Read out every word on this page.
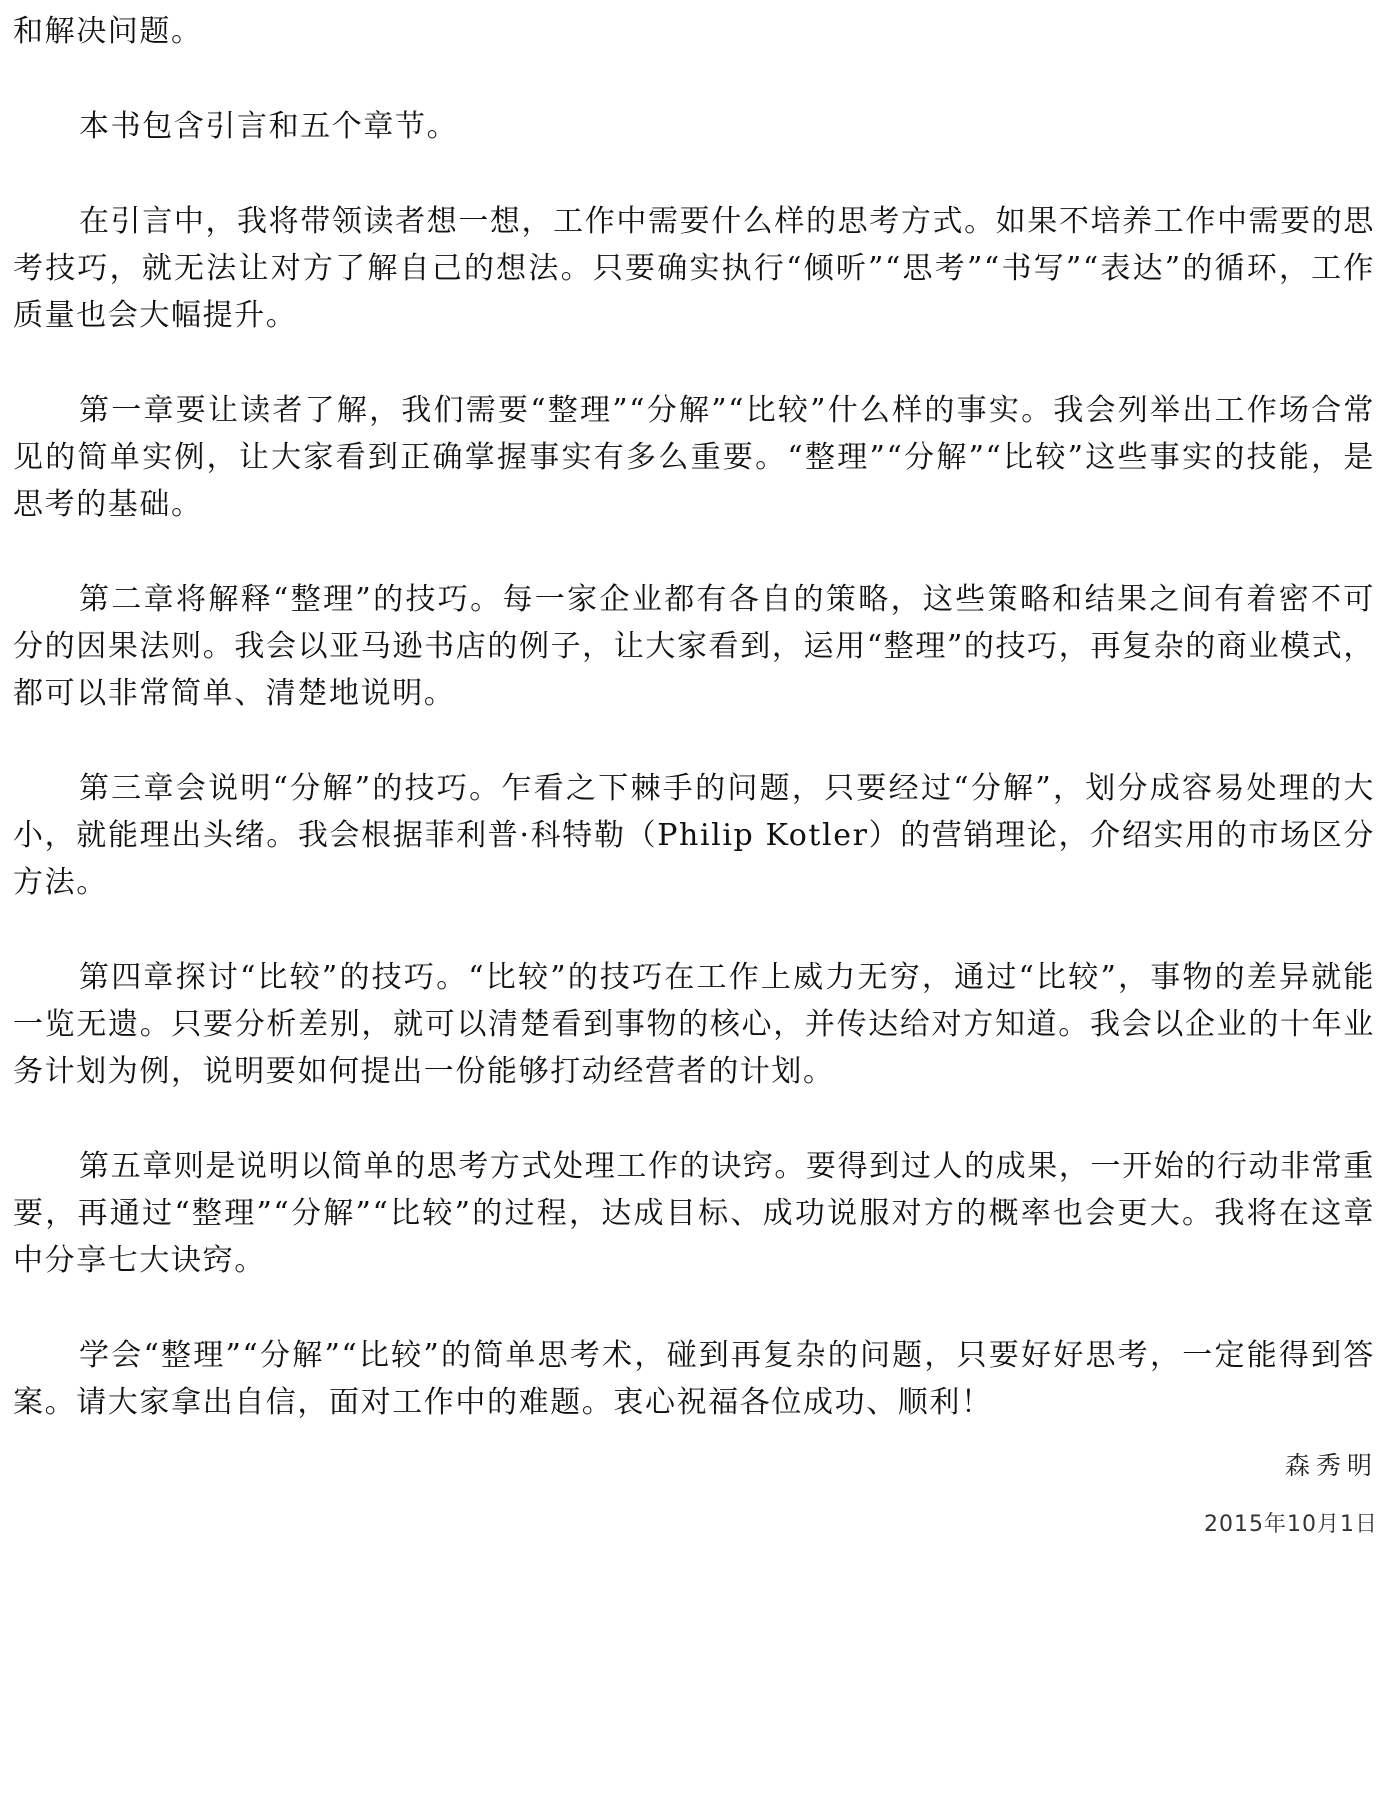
和解决问题。

本书包含引言和五个章节。

在引言中，我将带领读者想一想，工作中需要什么样的思考方式。如果不培养工作中需要的思考技巧，就无法让对方了解自己的想法。只要确实执行“倾听”“思考”“书写”“表达”的循环，工作质量也会大幅提升。

第一章要让读者了解，我们需要“整理”“分解”“比较”什么样的事实。我会列举出工作场合常见的简单实例，让大家看到正确掌握事实有多么重要。“整理”“分解”“比较”这些事实的技能，是思考的基础。

第二章将解释“整理”的技巧。每一家企业都有各自的策略，这些策略和结果之间有着密不可分的因果法则。我会以亚马逊书店的例子，让大家看到，运用“整理”的技巧，再复杂的商业模式，都可以非常简单、清楚地说明。

第三章会说明“分解”的技巧。乍看之下棘手的问题，只要经过“分解”，划分成容易处理的大小，就能理出头绪。我会根据菲利普·科特勒（Philip Kotler）的营销理论，介绍实用的市场区分方法。

第四章探讨“比较”的技巧。“比较”的技巧在工作上威力无穷，通过“比较”，事物的差异就能一览无遗。只要分析差别，就可以清楚看到事物的核心，并传达给对方知道。我会以企业的十年业务计划为例，说明要如何提出一份能够打动经营者的计划。

第五章则是说明以简单的思考方式处理工作的诀窍。要得到过人的成果，一开始的行动非常重要，再通过“整理”“分解”“比较”的过程，达成目标、成功说服对方的概率也会更大。我将在这章中分享七大诀窍。

学会“整理”“分解”“比较”的简单思考术，碰到再复杂的问题，只要好好思考，一定能得到答案。请大家拿出自信，面对工作中的难题。衷心祝福各位成功、顺利！

森秀明
2015年10月1日
